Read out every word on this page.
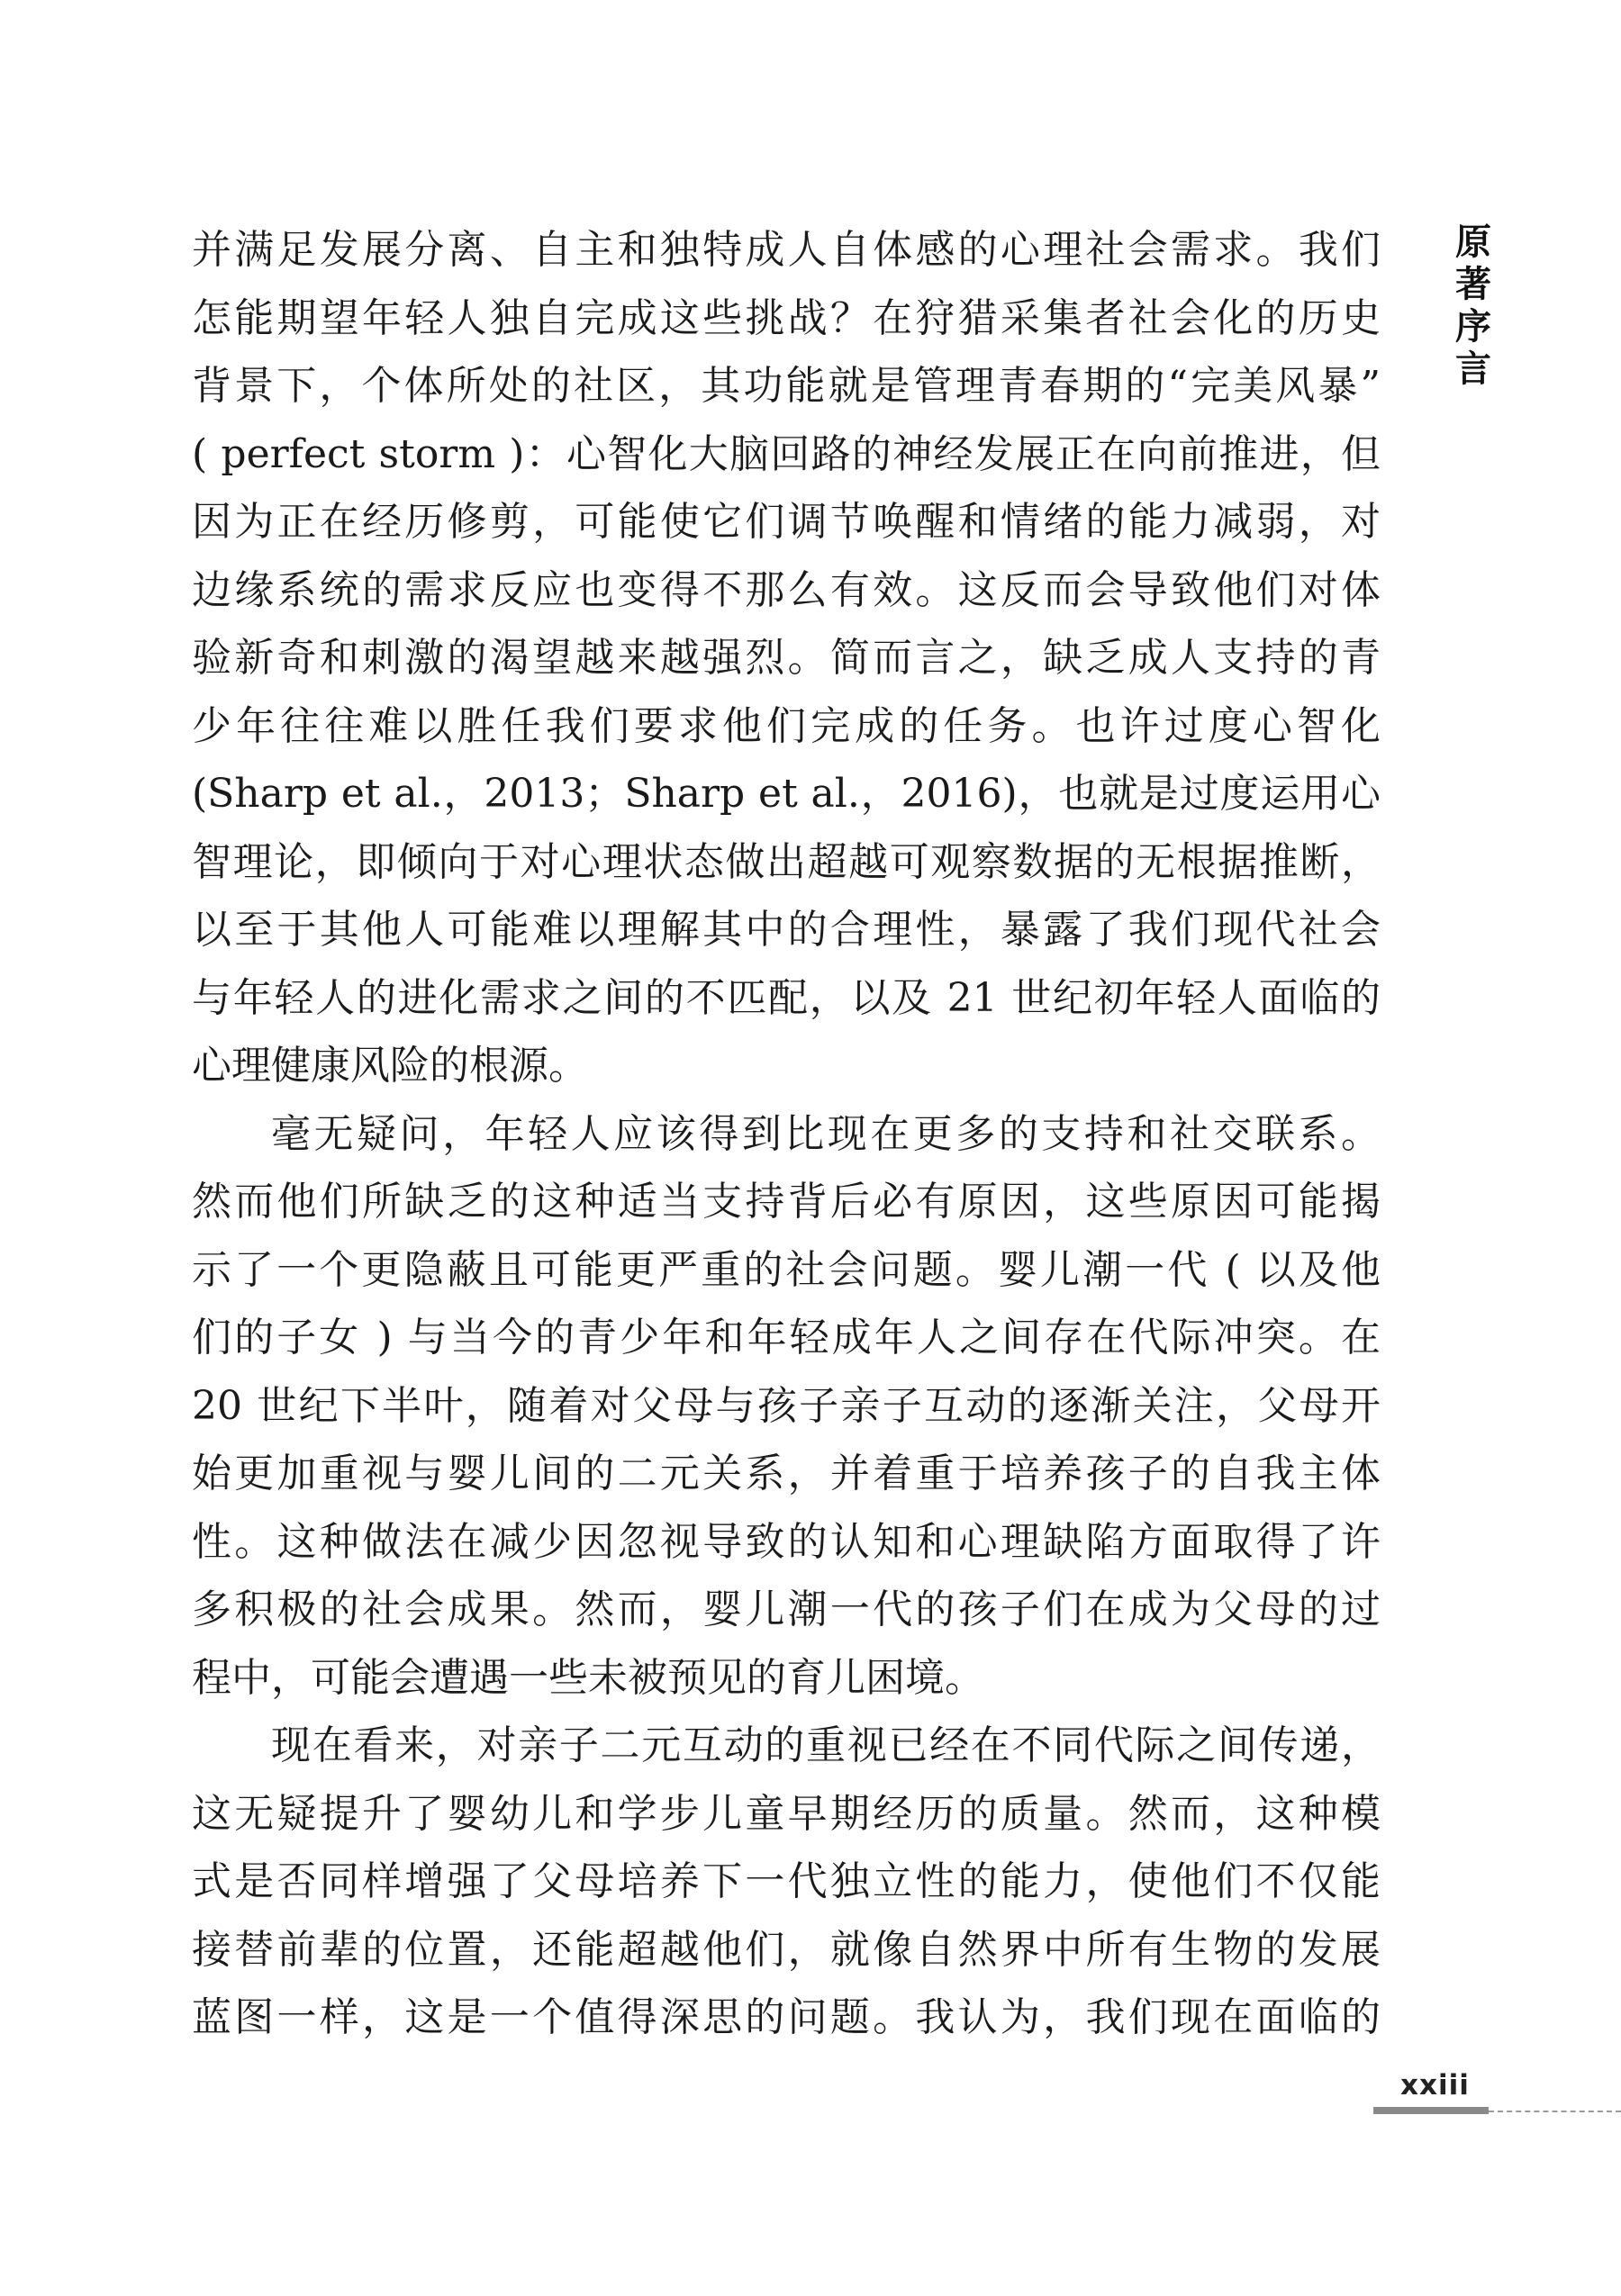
并满足发展分离、自主和独特成人自体感的心理社会需求。我们
怎能期望年轻人独自完成这些挑战？在狩猎采集者社会化的历史
背景下，个体所处的社区，其功能就是管理青春期的“完美风暴”
( perfect storm )：心智化大脑回路的神经发展正在向前推进，但
因为正在经历修剪，可能使它们调节唤醒和情绪的能力减弱，对
边缘系统的需求反应也变得不那么有效。这反而会导致他们对体
验新奇和刺激的渴望越来越强烈。简而言之，缺乏成人支持的青
少年往往难以胜任我们要求他们完成的任务。也许过度心智化
(Sharp et al.，2013；Sharp et al.，2016)，也就是过度运用心
智理论，即倾向于对心理状态做出超越可观察数据的无根据推断，
以至于其他人可能难以理解其中的合理性，暴露了我们现代社会
与年轻人的进化需求之间的不匹配，以及 21 世纪初年轻人面临的
心理健康风险的根源。
毫无疑问，年轻人应该得到比现在更多的支持和社交联系。
然而他们所缺乏的这种适当支持背后必有原因，这些原因可能揭
示了一个更隐蔽且可能更严重的社会问题。婴儿潮一代 ( 以及他
们的子女 ) 与当今的青少年和年轻成年人之间存在代际冲突。在
20 世纪下半叶，随着对父母与孩子亲子互动的逐渐关注，父母开
始更加重视与婴儿间的二元关系，并着重于培养孩子的自我主体
性。这种做法在减少因忽视导致的认知和心理缺陷方面取得了许
多积极的社会成果。然而，婴儿潮一代的孩子们在成为父母的过
程中，可能会遭遇一些未被预见的育儿困境。
现在看来，对亲子二元互动的重视已经在不同代际之间传递，
这无疑提升了婴幼儿和学步儿童早期经历的质量。然而，这种模
式是否同样增强了父母培养下一代独立性的能力，使他们不仅能
接替前辈的位置，还能超越他们，就像自然界中所有生物的发展
蓝图一样，这是一个值得深思的问题。我认为，我们现在面临的
原
著
序
言
xxiii
